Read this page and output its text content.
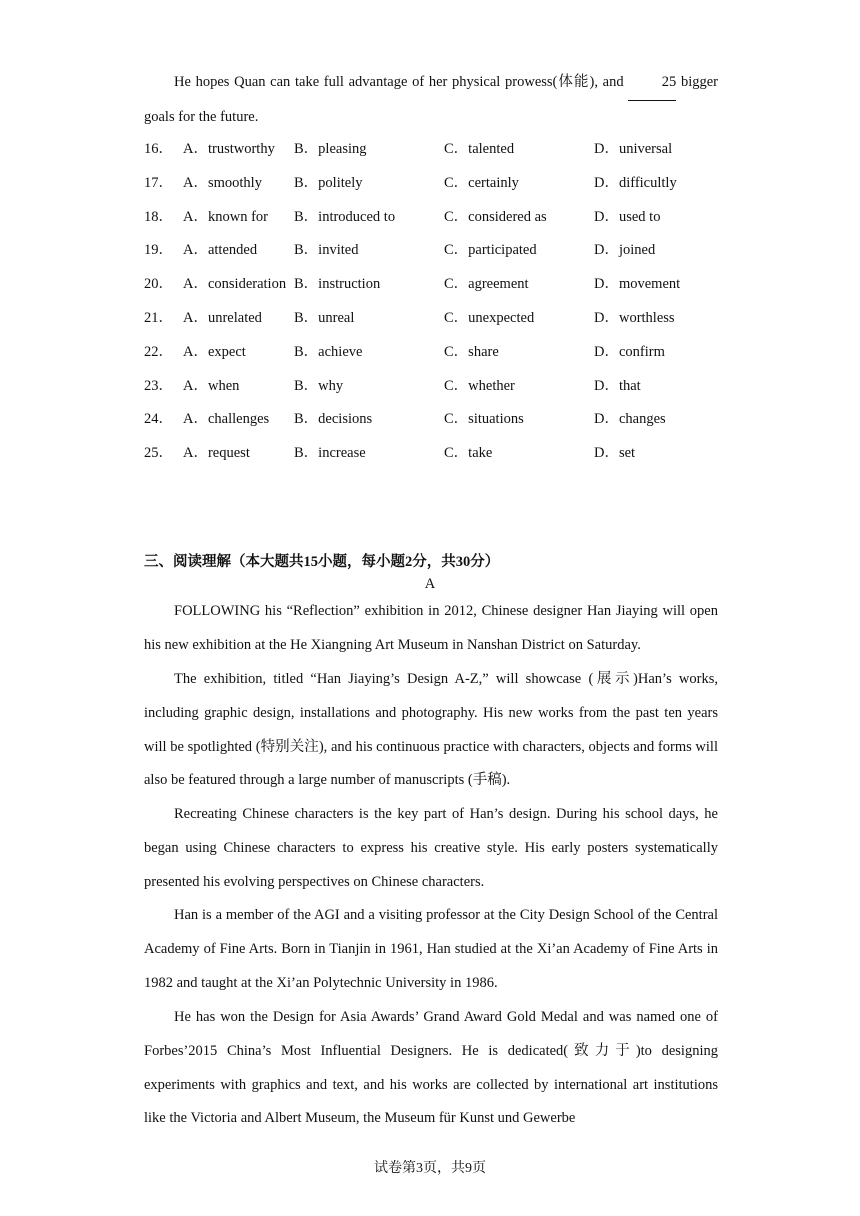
He hopes Quan can take full advantage of her physical prowess(体能), and 25 bigger goals for the future.

16． A．trustworthy B．pleasing	C．talented	D．universal
17． A．smoothly B．politely	C．certainly	D．difficultly
18． A．known for B．introduced to	C．considered as	D．used to
19． A．attended	B．invited	C．participated	D．joined
20． A．consideration B．instruction	C．agreement	D．movement
21． A．unrelated B．unreal	C．unexpected	D．worthless
22． A．expect	B．achieve	C．share	D．confirm
23． A．when	B．why	C．whether	D．that
24． A．challenges B．decisions	C．situations	D．changes
25． A．request	B．increase	C．take	D．set

三、阅读理解（本大题共15小题，每小题2分，共30分）

A

FOLLOWING his “Reflection” exhibition in 2012, Chinese designer Han Jiaying will open his new exhibition at the He Xiangning Art Museum in Nanshan District on Saturday.

The exhibition, titled “Han Jiaying’s Design A-Z,” will showcase (展示)Han’s works, including graphic design, installations and photography. His new works from the past ten years will be spotlighted (特别关注), and his continuous practice with characters, objects and forms will also be featured through a large number of manuscripts (手稿).

Recreating Chinese characters is the key part of Han’s design. During his school days, he began using Chinese characters to express his creative style. His early posters systematically presented his evolving perspectives on Chinese characters.

Han is a member of the AGI and a visiting professor at the City Design School of the Central Academy of Fine Arts. Born in Tianjin in 1961, Han studied at the Xi’an Academy of Fine Arts in 1982 and taught at the Xi’an Polytechnic University in 1986.

He has won the Design for Asia Awards’ Grand Award Gold Medal and was named one of Forbes’2015 China’s Most Influential Designers. He is dedicated(致力于)to designing experiments with graphics and text, and his works are collected by international art institutions like the Victoria and Albert Museum, the Museum für Kunst und Gewerbe

试卷第3页，共9页
